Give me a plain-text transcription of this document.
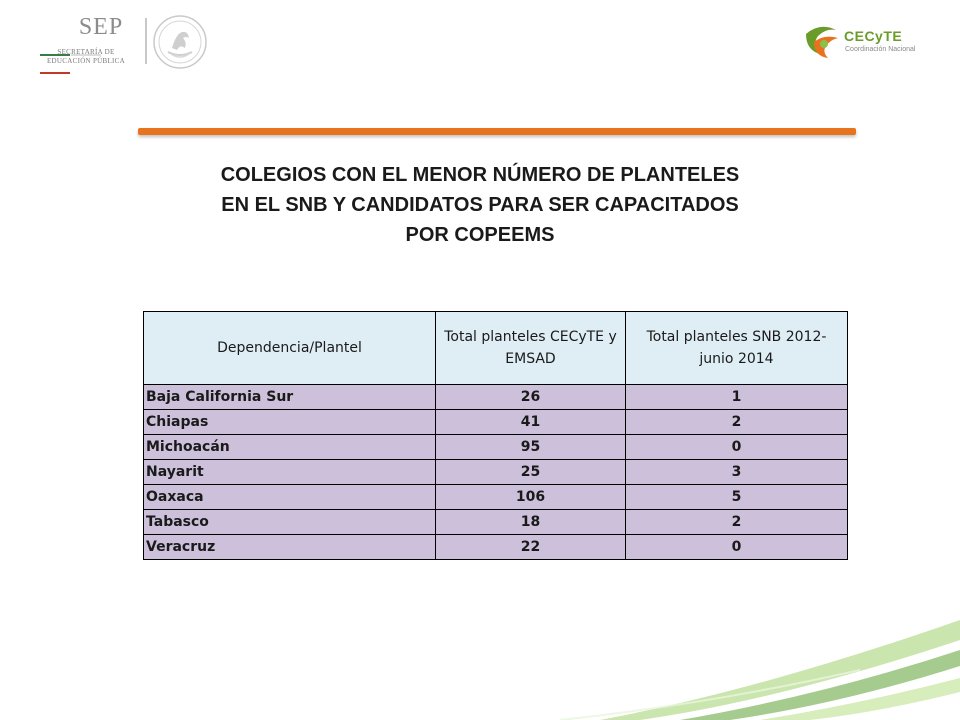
SEP
SECRETARÍA DE
EDUCACIÓN PÚBLICA
CECyTE
Coordinación Nacional
COLEGIOS CON EL MENOR NÚMERO DE PLANTELES
EN EL SNB Y CANDIDATOS PARA SER CAPACITADOS
POR COPEEMS
Dependencia/Plantel	Total planteles CECyTE y EMSAD	Total planteles SNB 2012- junio 2014
Baja California Sur	26	1
Chiapas	41	2
Michoacán	95	0
Nayarit	25	3
Oaxaca	106	5
Tabasco	18	2
Veracruz	22	0
